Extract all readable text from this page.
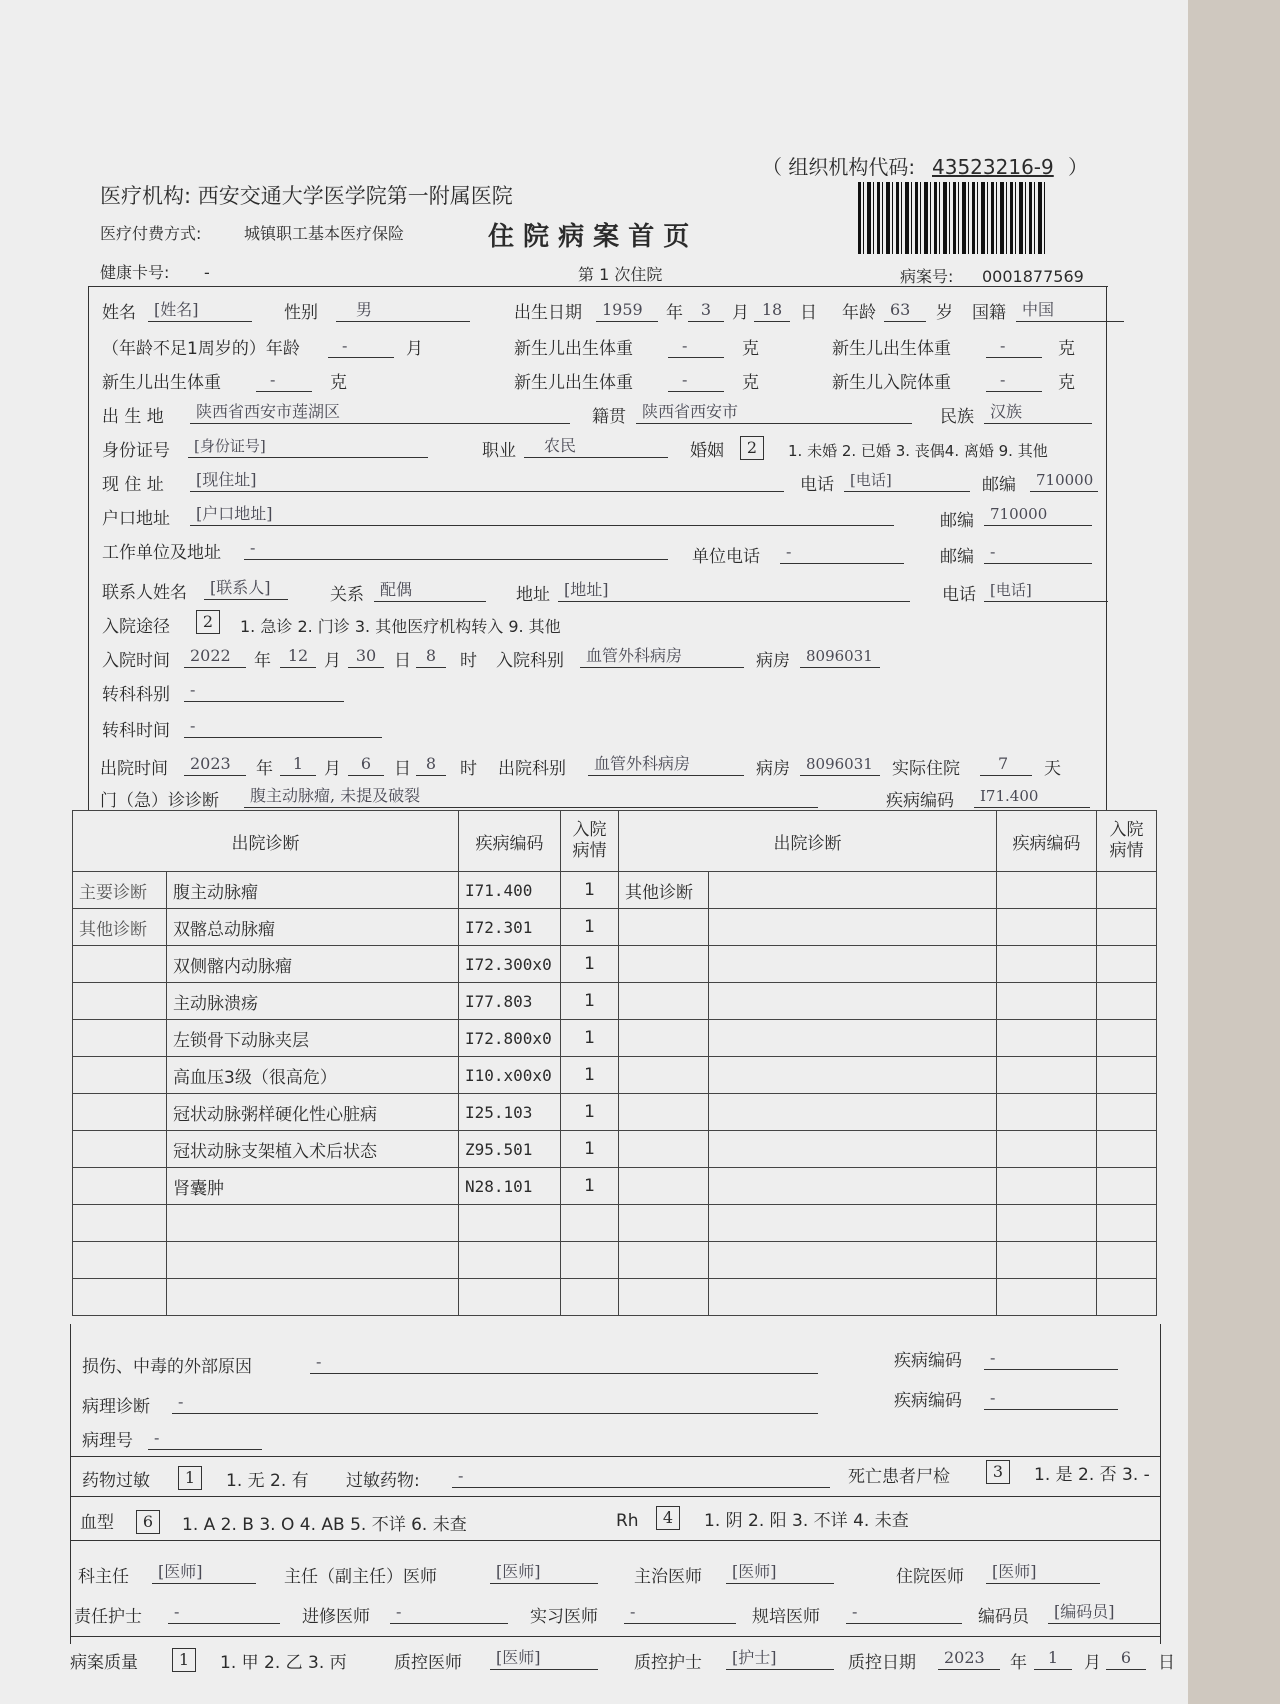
（ 组织机构代码: 43523216-9 ）
医疗机构: 西安交通大学医学院第一附属医院
医疗付费方式:	城镇职工基本医疗保险	住 院 病 案 首 页
健康卡号: -	第 1 次住院	病案号: 0001877569
姓名	[姓名]	性别	男	出生日期	1959	年	3	月 18	日 年龄 63	岁 国籍	中国
（年龄不足1周岁的）年龄	-	月	新生儿出生体重	-	克	新生儿出生体重	-	克
新生儿出生体重	-	克	新生儿出生体重	-	克	新生儿入院体重	-	克
出 生 地	陕西省西安市莲湖区	籍贯	陕西省西安市	民族	汉族
身份证号	[身份证号]	职业	农民	婚姻	2	1. 未婚 2. 已婚 3. 丧偶4. 离婚 9. 其他
现 住 址	[现住址]	电话	[电话]	邮编	710000
户口地址	[户口地址]	邮编	710000
工作单位及地址	-	单位电话	-	邮编	-
联系人姓名	[联系人]	关系	配偶	地址 [地址]	电话 [电话]
入院途径	2	1. 急诊 2. 门诊 3. 其他医疗机构转入 9. 其他
入院时间	2022	年	12 月 30	日 8	时 入院科别	血管外科病房	病房	8096031
转科科别	-
转科时间	-
出院时间	2023	年	1	月	6	日 8	时 出院科别	血管外科病房	病房	8096031	实际住院	7	天
门（急）诊诊断	腹主动脉瘤, 未提及破裂	疾病编码	I71.400
出院诊断		疾病编码	入院病情	出院诊断		疾病编码	入院病情
主要诊断	腹主动脉瘤	I71.400	1	其他诊断			
其他诊断	双髂总动脉瘤	I72.301	1				
	双侧髂内动脉瘤	I72.300x0	1				
	主动脉溃疡	I77.803	1				
	左锁骨下动脉夹层	I72.800x0	1				
	高血压3级（很高危）	I10.x00x0	1				
	冠状动脉粥样硬化性心脏病	I25.103	1				
	冠状动脉支架植入术后状态	Z95.501	1				
	肾囊肿	N28.101	1				

损伤、中毒的外部原因	-	疾病编码	-
病理诊断	-	疾病编码	-
病理号	-
药物过敏	1	1. 无 2. 有 过敏药物:	-	死亡患者尸检	3	1. 是 2. 否 3. -
血型	6	1. A 2. B 3. O 4. AB 5. 不详 6. 未查	Rh	4	1. 阴 2. 阳 3. 不详 4. 未查
科主任	[医师]	主任（副主任）医师	[医师]	主治医师	[医师]	住院医师	[医师]
责任护士	-	进修医师	-	实习医师	-	规培医师	-	编码员	[编码员]
病案质量	1	1. 甲 2. 乙 3. 丙	质控医师	[医师]	质控护士	[护士]	质控日期	2023	年	1	月	6	日
